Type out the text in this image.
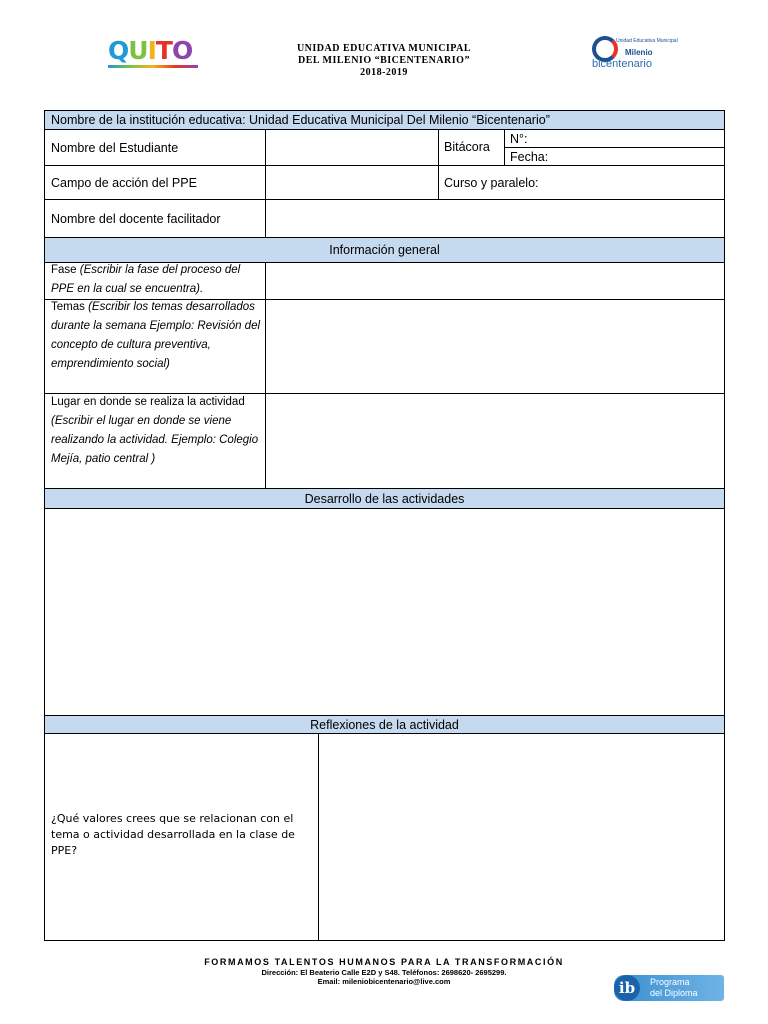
QUITO	UNIDAD EDUCATIVA MUNICIPAL
DEL MILENIO “BICENTENARIO”
2018-2019
Unidad Educativa Municipal
Milenio
bicentenario
Nombre de la institución educativa: Unidad Educativa Municipal Del Milenio “Bicentenario”
Nombre del Estudiante	Bitácora
N°:
Fecha:
Campo de acción del PPE	Curso y paralelo:
Nombre del docente facilitador
Información general
Fase (Escribir la fase del proceso del PPE en la cual se encuentra).
Temas (Escribir los temas desarrollados durante la semana Ejemplo: Revisión del concepto de cultura preventiva, emprendimiento social)
Lugar en donde se realiza la actividad (Escribir el lugar en donde se viene realizando la actividad. Ejemplo: Colegio Mejía, patio central )
Desarrollo de las actividades
Reflexiones de la actividad
¿Qué valores crees que se relacionan con el tema o actividad desarrollada en la clase de PPE?
FORMAMOS TALENTOS HUMANOS PARA LA TRANSFORMACIÓN
Dirección: El Beaterio Calle E2D y S48. Teléfonos: 2698620- 2695299.
Email: mileniobicentenario@live.com	ib	Programa
del Diploma
